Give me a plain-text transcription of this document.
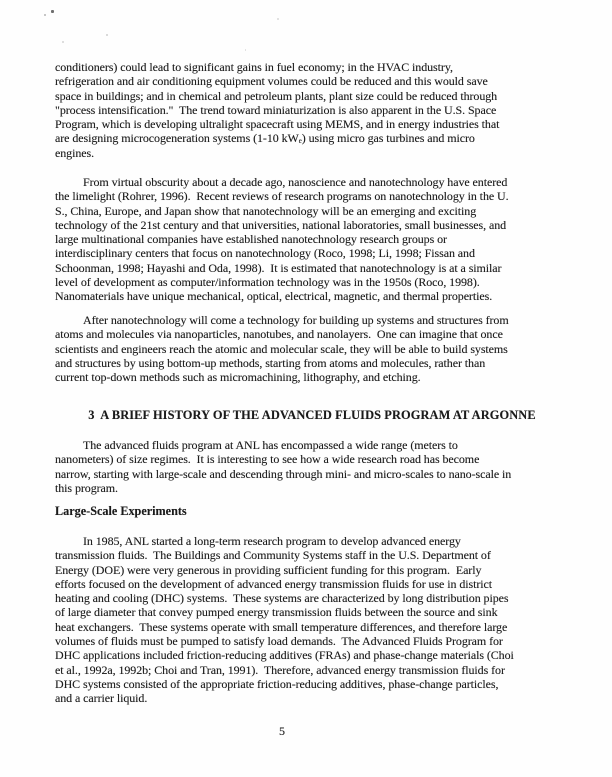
conditioners) could lead to significant gains in fuel economy; in the HVAC industry,
refrigeration and air conditioning equipment volumes could be reduced and this would save
space in buildings; and in chemical and petroleum plants, plant size could be reduced through
"process intensification."  The trend toward miniaturization is also apparent in the U.S. Space
Program, which is developing ultralight spacecraft using MEMS, and in energy industries that
are designing microcogeneration systems (1-10 kWₑ) using micro gas turbines and micro
engines.
From virtual obscurity about a decade ago, nanoscience and nanotechnology have entered
the limelight (Rohrer, 1996).  Recent reviews of research programs on nanotechnology in the U.
S., China, Europe, and Japan show that nanotechnology will be an emerging and exciting
technology of the 21st century and that universities, national laboratories, small businesses, and
large multinational companies have established nanotechnology research groups or
interdisciplinary centers that focus on nanotechnology (Roco, 1998; Li, 1998; Fissan and
Schoonman, 1998; Hayashi and Oda, 1998).  It is estimated that nanotechnology is at a similar
level of development as computer/information technology was in the 1950s (Roco, 1998).
Nanomaterials have unique mechanical, optical, electrical, magnetic, and thermal properties.
After nanotechnology will come a technology for building up systems and structures from
atoms and molecules via nanoparticles, nanotubes, and nanolayers.  One can imagine that once
scientists and engineers reach the atomic and molecular scale, they will be able to build systems
and structures by using bottom-up methods, starting from atoms and molecules, rather than
current top-down methods such as micromachining, lithography, and etching.
3  A BRIEF HISTORY OF THE ADVANCED FLUIDS PROGRAM AT ARGONNE
The advanced fluids program at ANL has encompassed a wide range (meters to
nanometers) of size regimes.  It is interesting to see how a wide research road has become
narrow, starting with large-scale and descending through mini- and micro-scales to nano-scale in
this program.
Large-Scale Experiments
In 1985, ANL started a long-term research program to develop advanced energy
transmission fluids.  The Buildings and Community Systems staff in the U.S. Department of
Energy (DOE) were very generous in providing sufficient funding for this program.  Early
efforts focused on the development of advanced energy transmission fluids for use in district
heating and cooling (DHC) systems.  These systems are characterized by long distribution pipes
of large diameter that convey pumped energy transmission fluids between the source and sink
heat exchangers.  These systems operate with small temperature differences, and therefore large
volumes of fluids must be pumped to satisfy load demands.  The Advanced Fluids Program for
DHC applications included friction-reducing additives (FRAs) and phase-change materials (Choi
et al., 1992a, 1992b; Choi and Tran, 1991).  Therefore, advanced energy transmission fluids for
DHC systems consisted of the appropriate friction-reducing additives, phase-change particles,
and a carrier liquid.
5
